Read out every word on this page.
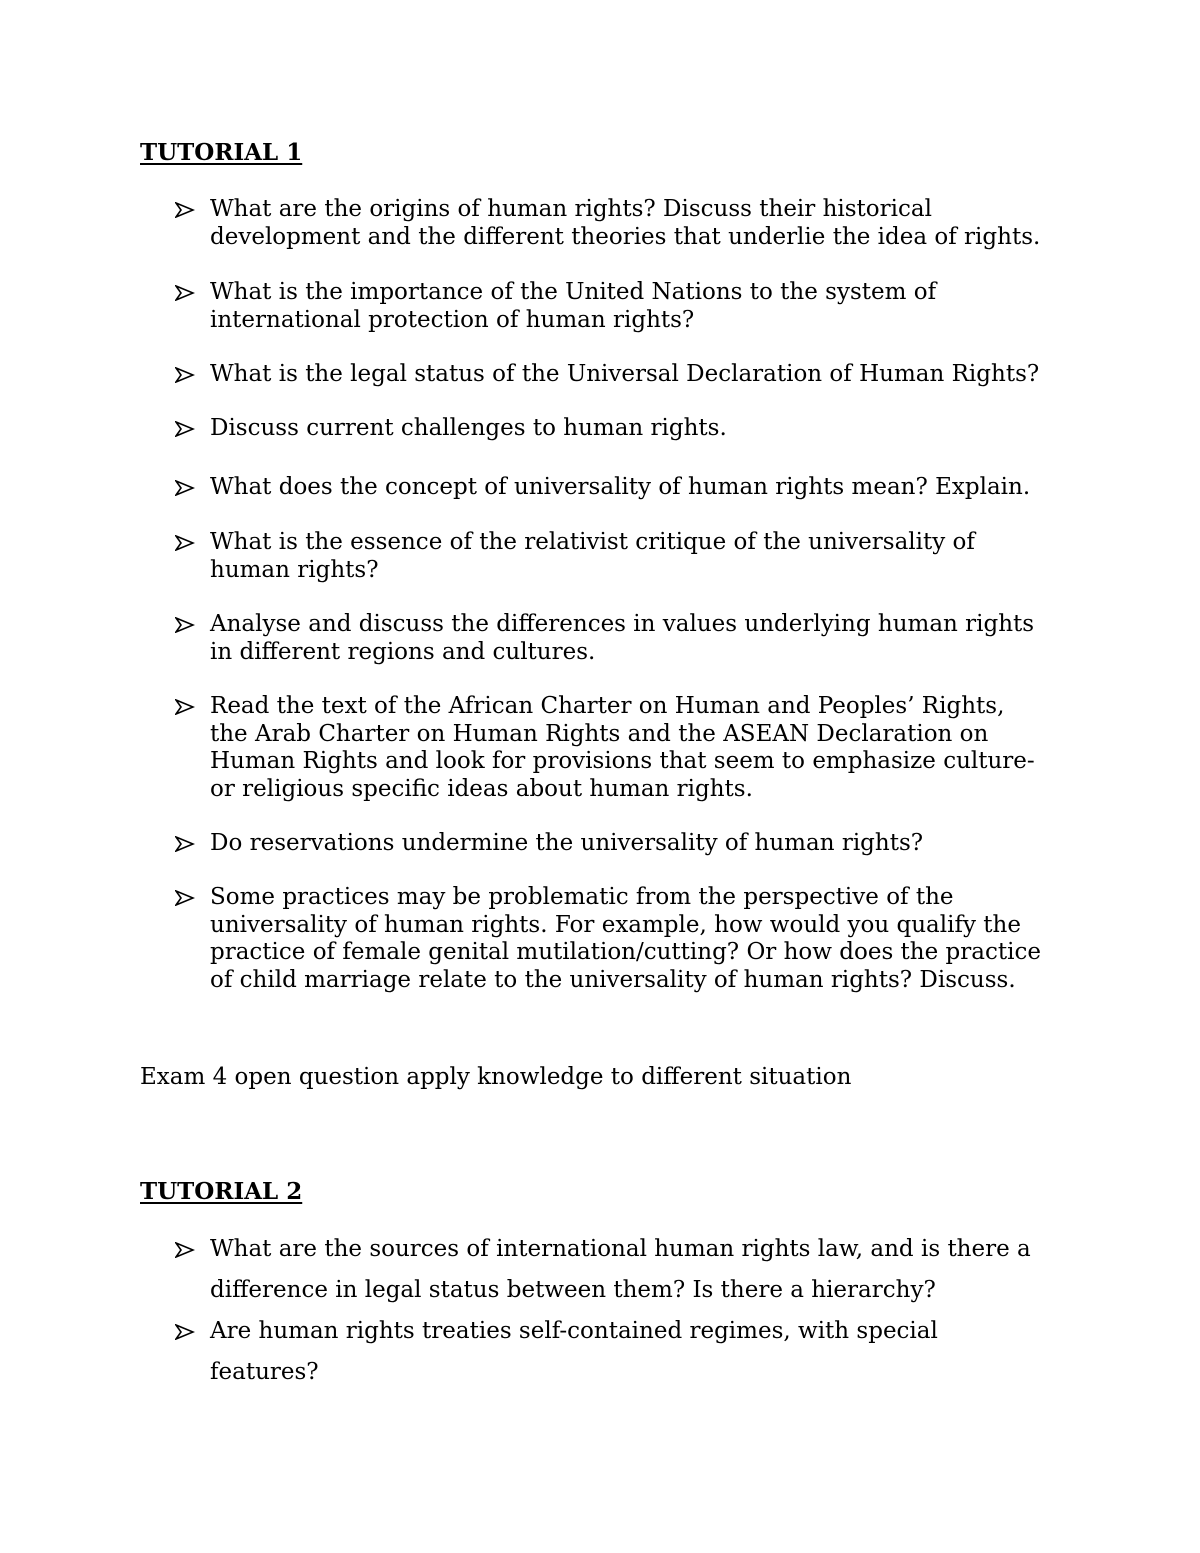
TUTORIAL 1
What are the origins of human rights? Discuss their historical
development and the different theories that underlie the idea of rights.
What is the importance of the United Nations to the system of
international protection of human rights?
What is the legal status of the Universal Declaration of Human Rights?
Discuss current challenges to human rights.
What does the concept of universality of human rights mean? Explain.
What is the essence of the relativist critique of the universality of
human rights?
Analyse and discuss the differences in values underlying human rights
in different regions and cultures.
Read the text of the African Charter on Human and Peoples’ Rights,
the Arab Charter on Human Rights and the ASEAN Declaration on
Human Rights and look for provisions that seem to emphasize culture-
or religious specific ideas about human rights.
Do reservations undermine the universality of human rights?
Some practices may be problematic from the perspective of the
universality of human rights. For example, how would you qualify the
practice of female genital mutilation/cutting? Or how does the practice
of child marriage relate to the universality of human rights? Discuss.

Exam 4 open question apply knowledge to different situation

TUTORIAL 2
What are the sources of international human rights law, and is there a
difference in legal status between them? Is there a hierarchy?
Are human rights treaties self-contained regimes, with special
features?
